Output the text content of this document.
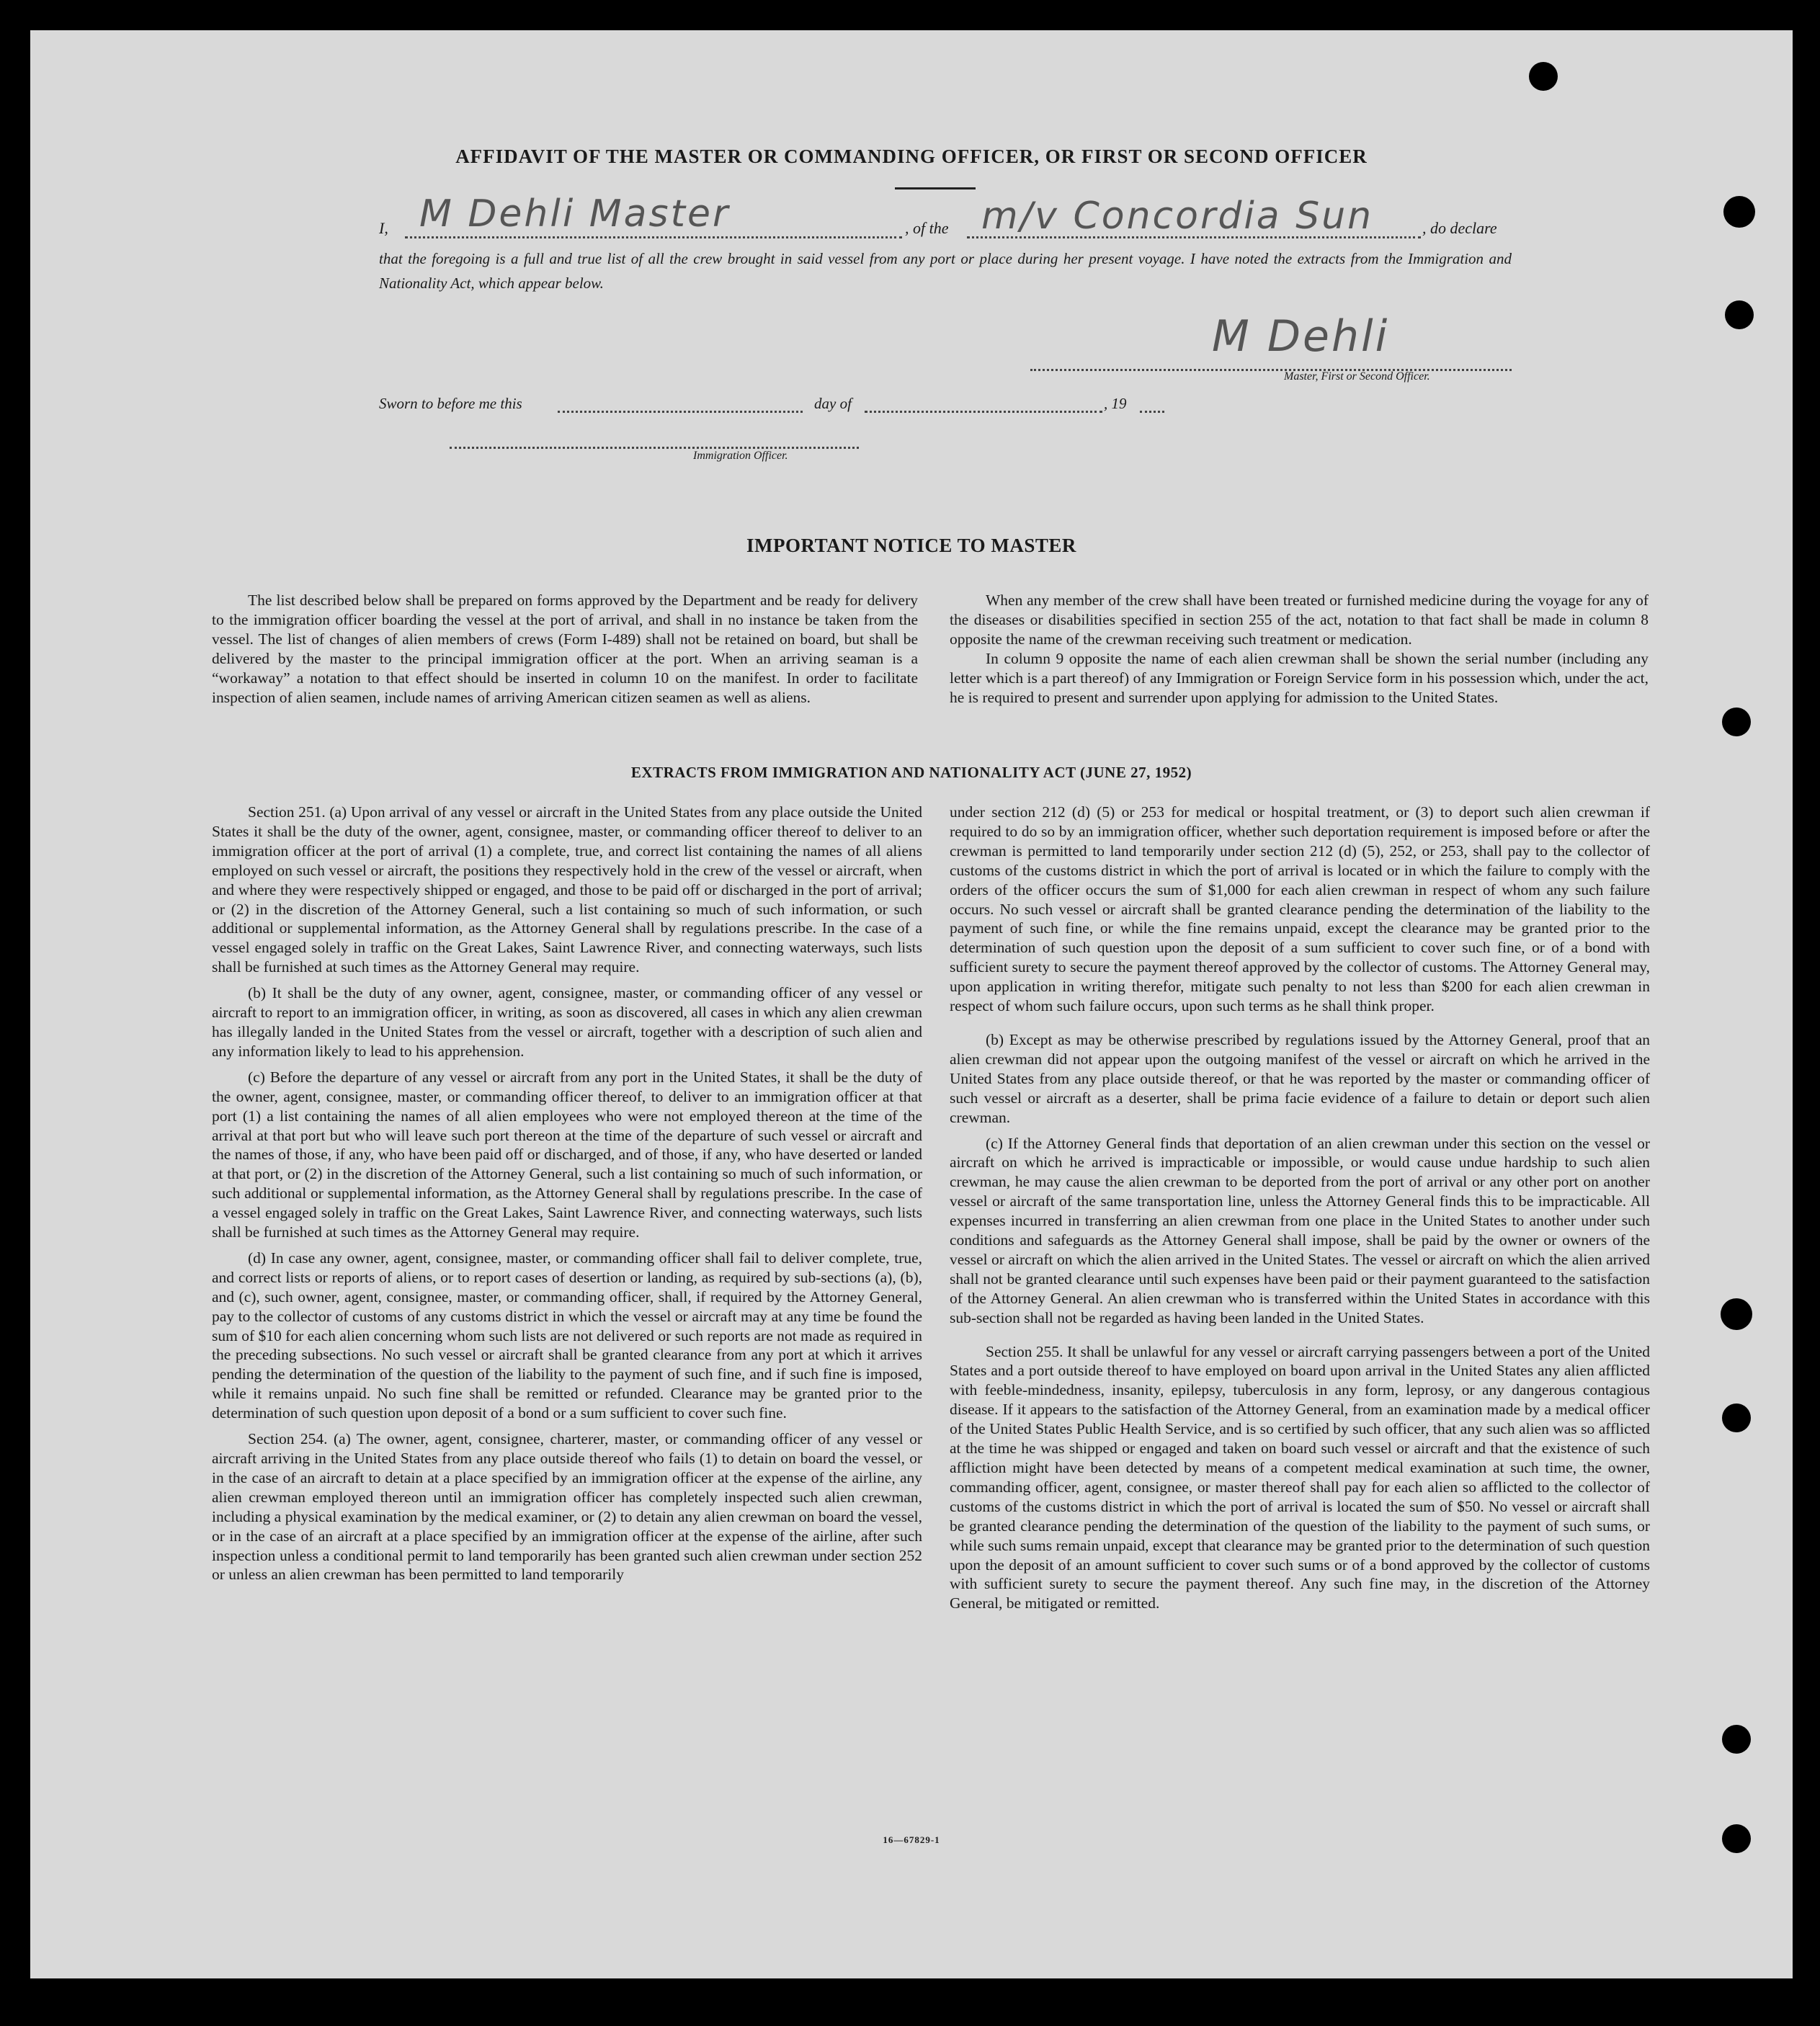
AFFIDAVIT OF THE MASTER OR COMMANDING OFFICER, OR FIRST OR SECOND OFFICER
I, M Dehli Master	, of the m/v Concordia Sun	, do declare
that the foregoing is a full and true list of all the crew brought in said vessel from any port or place during her present voyage. I have noted the extracts from the Immigration and Nationality Act, which appear below.
M Dehli
Master, First or Second Officer.
Sworn to before me this	day of	, 19
Immigration Officer.
IMPORTANT NOTICE TO MASTER

The list described below shall be prepared on forms approved by the Department and be ready for delivery to the immigration officer boarding the vessel at the port of arrival, and shall in no instance be taken from the vessel. The list of changes of alien members of crews (Form I-489) shall not be retained on board, but shall be delivered by the master to the principal immigration officer at the port. When an arriving seaman is a “workaway” a notation to that effect should be inserted in column 10 on the manifest. In order to facilitate inspection of alien seamen, include names of arriving American citizen seamen as well as aliens.

When any member of the crew shall have been treated or furnished medicine during the voyage for any of the diseases or disabilities specified in section 255 of the act, notation to that fact shall be made in column 8 opposite the name of the crewman receiving such treatment or medication.

In column 9 opposite the name of each alien crewman shall be shown the serial number (including any letter which is a part thereof) of any Immigration or Foreign Service form in his possession which, under the act, he is required to present and surrender upon applying for admission to the United States.

EXTRACTS FROM IMMIGRATION AND NATIONALITY ACT (JUNE 27, 1952)

Section 251. (a) Upon arrival of any vessel or aircraft in the United States from any place outside the United States it shall be the duty of the owner, agent, consignee, master, or commanding officer thereof to deliver to an immigration officer at the port of arrival (1) a complete, true, and correct list containing the names of all aliens employed on such vessel or aircraft, the positions they respectively hold in the crew of the vessel or aircraft, when and where they were respectively shipped or engaged, and those to be paid off or discharged in the port of arrival; or (2) in the discretion of the Attorney General, such a list containing so much of such information, or such additional or supplemental information, as the Attorney General shall by regulations prescribe. In the case of a vessel engaged solely in traffic on the Great Lakes, Saint Lawrence River, and connecting waterways, such lists shall be furnished at such times as the Attorney General may require.

(b) It shall be the duty of any owner, agent, consignee, master, or commanding officer of any vessel or aircraft to report to an immigration officer, in writing, as soon as discovered, all cases in which any alien crewman has illegally landed in the United States from the vessel or aircraft, together with a description of such alien and any information likely to lead to his apprehension.

(c) Before the departure of any vessel or aircraft from any port in the United States, it shall be the duty of the owner, agent, consignee, master, or commanding officer thereof, to deliver to an immigration officer at that port (1) a list containing the names of all alien employees who were not employed thereon at the time of the arrival at that port but who will leave such port thereon at the time of the departure of such vessel or aircraft and the names of those, if any, who have been paid off or discharged, and of those, if any, who have deserted or landed at that port, or (2) in the discretion of the Attorney General, such a list containing so much of such information, or such additional or supplemental information, as the Attorney General shall by regulations prescribe. In the case of a vessel engaged solely in traffic on the Great Lakes, Saint Lawrence River, and connecting waterways, such lists shall be furnished at such times as the Attorney General may require.

(d) In case any owner, agent, consignee, master, or commanding officer shall fail to deliver complete, true, and correct lists or reports of aliens, or to report cases of desertion or landing, as required by sub-sections (a), (b), and (c), such owner, agent, consignee, master, or commanding officer, shall, if required by the Attorney General, pay to the collector of customs of any customs district in which the vessel or aircraft may at any time be found the sum of $10 for each alien concerning whom such lists are not delivered or such reports are not made as required in the preceding subsections. No such vessel or aircraft shall be granted clearance from any port at which it arrives pending the determination of the question of the liability to the payment of such fine, and if such fine is imposed, while it remains unpaid. No such fine shall be remitted or refunded. Clearance may be granted prior to the determination of such question upon deposit of a bond or a sum sufficient to cover such fine.

Section 254. (a) The owner, agent, consignee, charterer, master, or commanding officer of any vessel or aircraft arriving in the United States from any place outside thereof who fails (1) to detain on board the vessel, or in the case of an aircraft to detain at a place specified by an immigration officer at the expense of the airline, any alien crewman employed thereon until an immigration officer has completely inspected such alien crewman, including a physical examination by the medical examiner, or (2) to detain any alien crewman on board the vessel, or in the case of an aircraft at a place specified by an immigration officer at the expense of the airline, after such inspection unless a conditional permit to land temporarily has been granted such alien crewman under section 252 or unless an alien crewman has been permitted to land temporarily

under section 212 (d) (5) or 253 for medical or hospital treatment, or (3) to deport such alien crewman if required to do so by an immigration officer, whether such deportation requirement is imposed before or after the crewman is permitted to land temporarily under section 212 (d) (5), 252, or 253, shall pay to the collector of customs of the customs district in which the port of arrival is located or in which the failure to comply with the orders of the officer occurs the sum of $1,000 for each alien crewman in respect of whom any such failure occurs. No such vessel or aircraft shall be granted clearance pending the determination of the liability to the payment of such fine, or while the fine remains unpaid, except the clearance may be granted prior to the determination of such question upon the deposit of a sum sufficient to cover such fine, or of a bond with sufficient surety to secure the payment thereof approved by the collector of customs. The Attorney General may, upon application in writing therefor, mitigate such penalty to not less than $200 for each alien crewman in respect of whom such failure occurs, upon such terms as he shall think proper.

(b) Except as may be otherwise prescribed by regulations issued by the Attorney General, proof that an alien crewman did not appear upon the outgoing manifest of the vessel or aircraft on which he arrived in the United States from any place outside thereof, or that he was reported by the master or commanding officer of such vessel or aircraft as a deserter, shall be prima facie evidence of a failure to detain or deport such alien crewman.

(c) If the Attorney General finds that deportation of an alien crewman under this section on the vessel or aircraft on which he arrived is impracticable or impossible, or would cause undue hardship to such alien crewman, he may cause the alien crewman to be deported from the port of arrival or any other port on another vessel or aircraft of the same transportation line, unless the Attorney General finds this to be impracticable. All expenses incurred in transferring an alien crewman from one place in the United States to another under such conditions and safeguards as the Attorney General shall impose, shall be paid by the owner or owners of the vessel or aircraft on which the alien arrived in the United States. The vessel or aircraft on which the alien arrived shall not be granted clearance until such expenses have been paid or their payment guaranteed to the satisfaction of the Attorney General. An alien crewman who is transferred within the United States in accordance with this sub-section shall not be regarded as having been landed in the United States.

Section 255. It shall be unlawful for any vessel or aircraft carrying passengers between a port of the United States and a port outside thereof to have employed on board upon arrival in the United States any alien afflicted with feeble-mindedness, insanity, epilepsy, tuberculosis in any form, leprosy, or any dangerous contagious disease. If it appears to the satisfaction of the Attorney General, from an examination made by a medical officer of the United States Public Health Service, and is so certified by such officer, that any such alien was so afflicted at the time he was shipped or engaged and taken on board such vessel or aircraft and that the existence of such affliction might have been detected by means of a competent medical examination at such time, the owner, commanding officer, agent, consignee, or master thereof shall pay for each alien so afflicted to the collector of customs of the customs district in which the port of arrival is located the sum of $50. No vessel or aircraft shall be granted clearance pending the determination of the question of the liability to the payment of such sums, or while such sums remain unpaid, except that clearance may be granted prior to the determination of such question upon the deposit of an amount sufficient to cover such sums or of a bond approved by the collector of customs with sufficient surety to secure the payment thereof. Any such fine may, in the discretion of the Attorney General, be mitigated or remitted.

16—67829-1
